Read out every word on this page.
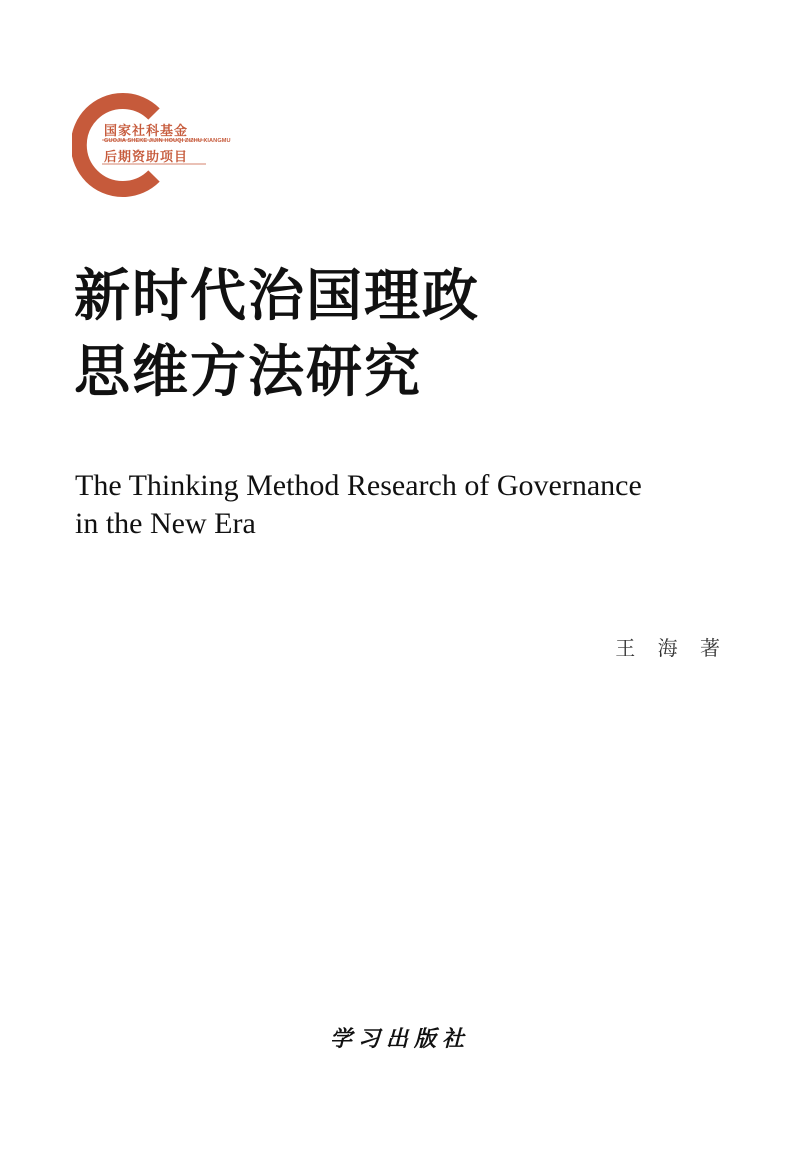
国家社科基金
GUOJIA SHEKE JIJIN HOUQI ZIZHU XIANGMU
后期资助项目
新时代治国理政
思维方法研究
The Thinking Method Research of Governance
in the New Era
王 海 著
学习出版社
